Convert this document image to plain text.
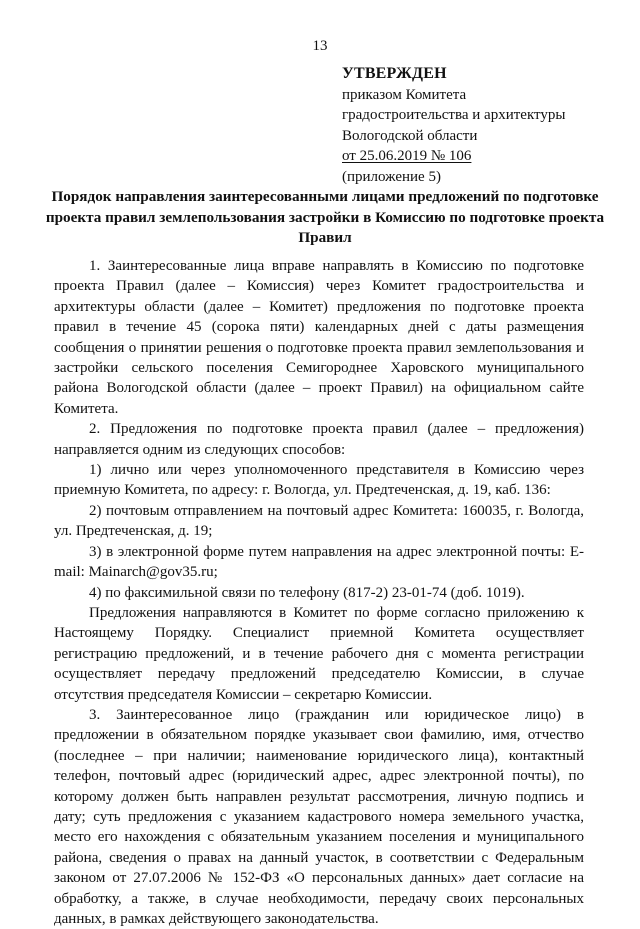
13
УТВЕРЖДЕН
приказом Комитета
градостроительства и архитектуры
Вологодской области
от 25.06.2019 № 106
(приложение 5)
Порядок направления заинтересованными лицами предложений по подготовке проекта правил землепользования застройки в Комиссию по подготовке проекта Правил

1. Заинтересованные лица вправе направлять в Комиссию по подготовке проекта Правил (далее – Комиссия) через Комитет градостроительства и архитектуры области (далее – Комитет) предложения по подготовке проекта правил в течение 45 (сорока пяти) календарных дней с даты размещения сообщения о принятии решения о подготовке проекта правил землепользования и застройки сельского поселения Семигороднее Харовского муниципального района Вологодской области (далее – проект Правил) на официальном сайте Комитета.

2. Предложения по подготовке проекта правил (далее – предложения) направляется одним из следующих способов:

1) лично или через уполномоченного представителя в Комиссию через приемную Комитета, по адресу: г. Вологда, ул. Предтеченская, д. 19, каб. 136:

2) почтовым отправлением на почтовый адрес Комитета: 160035, г. Вологда, ул. Предтеченская, д. 19;

3) в электронной форме путем направления на адрес электронной почты: E-mail: Mainarch@gov35.ru;

4) по факсимильной связи по телефону (817-2) 23-01-74 (доб. 1019).

Предложения направляются в Комитет по форме согласно приложению к Настоящему Порядку. Специалист приемной Комитета осуществляет регистрацию предложений, и в течение рабочего дня с момента регистрации осуществляет передачу предложений председателю Комиссии, в случае отсутствия председателя Комиссии – секретарю Комиссии.

3. Заинтересованное лицо (гражданин или юридическое лицо) в предложении в обязательном порядке указывает свои фамилию, имя, отчество (последнее – при наличии; наименование юридического лица), контактный телефон, почтовый адрес (юридический адрес, адрес электронной почты), по которому должен быть направлен результат рассмотрения, личную подпись и дату; суть предложения с указанием кадастрового номера земельного участка, место его нахождения с обязательным указанием поселения и муниципального района, сведения о правах на данный участок, в соответствии с Федеральным законом от 27.07.2006 № 152-ФЗ «О персональных данных» дает согласие на обработку, а также, в случае необходимости, передачу своих персональных данных, в рамках действующего законодательства.
